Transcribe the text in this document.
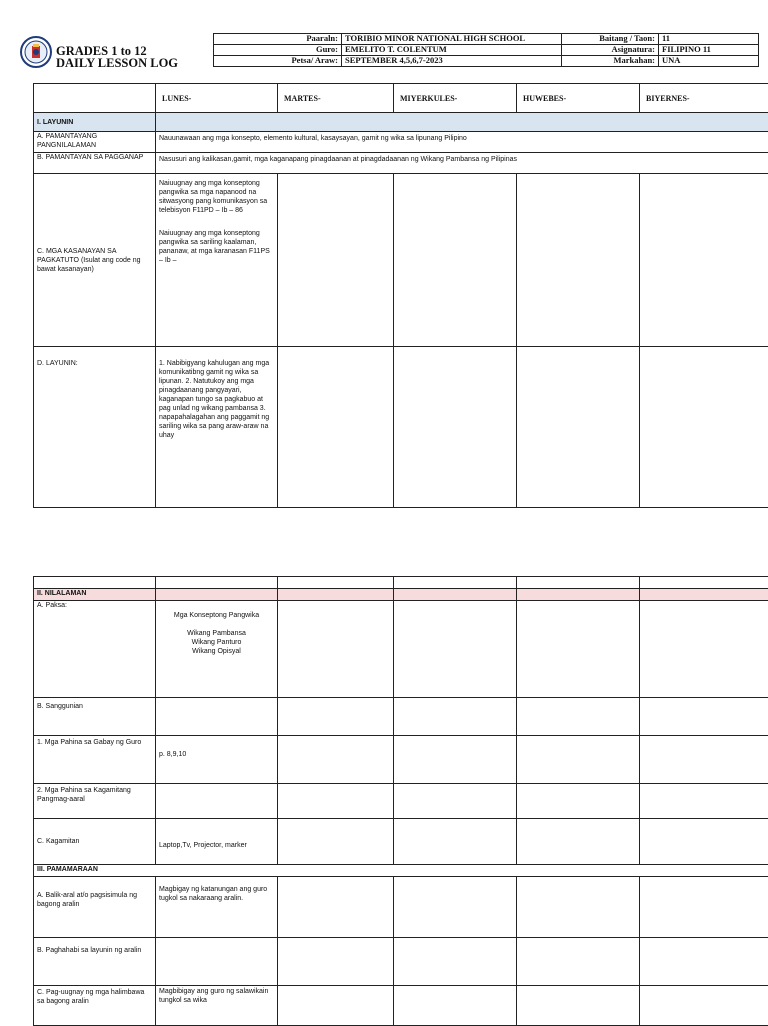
GRADES 1 to 12
DAILY LESSON LOG
Paaraln:	TORIBIO MINOR NATIONAL HIGH SCHOOL	Baitang / Taon:	11
Guro:	EMELITO T. COLENTUM	Asignatura:	FILIPINO 11
Petsa/ Araw:	SEPTEMBER 4,5,6,7-2023	Markahan:	UNA
	LUNES-	MARTES-	MIYERKULES-	HUWEBES-	BIYERNES-
I. LAYUNIN					
A. PAMANTAYANG PANGNILALAMAN	Nauunawaan ang mga konsepto, elemento kultural, kasaysayan, gamit ng wika sa lipunang Pilipino				
B. PAMANTAYAN SA PAGGANAP	Nasusuri ang kalikasan,gamit, mga kaganapang pinagdaanan at pinagdadaanan ng Wikang Pambansa ng Pilipinas				
C. MGA KASANAYAN SA PAGKATUTO (Isulat ang code ng bawat kasanayan)	Naiuugnay ang mga konseptong pangwika sa mga napanood na sitwasyong pang komunikasyon sa telebisyon F11PD – Ib – 86
Naiuugnay ang mga konseptong pangwika sa sariling kaalaman, pananaw, at mga karanasan F11PS – Ib –				

D. LAYUNIN:	1. Nabibigyang kahulugan ang mga komunikatibng gamit ng wika sa lipunan. 2. Natutukoy ang mga pinagdaanang pangyayari, kaganapan tungo sa pagkabuo at pag unlad ng wikang pambansa 3. napapahalagahan ang paggamit ng sariling wika sa pang araw-araw na uhay				

II. NILALAMAN					
A. Paksa:	Mga Konseptong Pangwika
Wikang Pambansa
Wikang Panturo
Wikang Opisyal				

B. Sanggunian					
1. Mga Pahina sa Gabay ng Guro	p. 8,9,10				
2. Mga Pahina sa Kagamitang Pangmag-aaral					
C. Kagamitan	Laptop,Tv, Projector, marker				
III. PAMAMARAAN					
A. Balik-aral at/o pagsisimula ng bagong aralin	Magbigay ng katanungan ang guro tugkol sa nakaraang aralin.				
B. Paghahabi sa layunin ng aralin					
C. Pag-uugnay ng mga halimbawa sa bagong aralin	Magbibigay ang guro ng salawikain tungkol sa wika				
